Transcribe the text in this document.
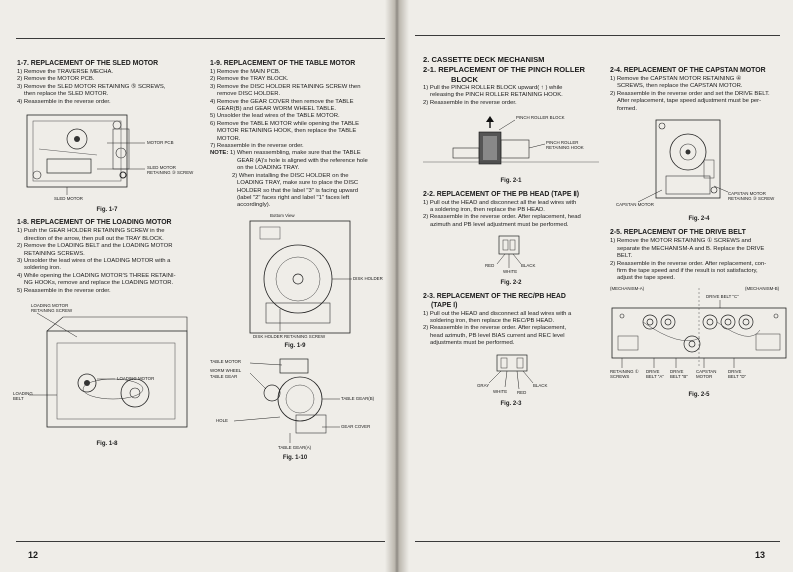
1-7. REPLACEMENT OF THE SLED MOTOR

1) Remove the TRAVERSE MECHA.

2) Remove the MOTOR PCB.

3) Remove the SLED MOTOR RETAINING ⑤ SCREWS,

then replace the SLED MOTOR.

4) Reassemble in the reverse order.

MOTOR PCB
SLED MOTOR
RETAINING ③ SCREW
SLED MOTOR
Fig. 1-7
1-8. REPLACEMENT OF THE LOADING MOTOR

1) Push the GEAR HOLDER RETAINING SCREW in the

direction of the arrow, then pull out the TRAY BLOCK.

2) Remove the LOADING BELT and the LOADING MOTOR

RETAINING SCREWS.

3) Unsolder the lead wires of the LOADING MOTOR with a

soldering iron.

4) While opening the LOADING MOTOR'S THREE RETAINI-

NG HOOKs, remove and replace the LOADING MOTOR.

5) Reassemble in the reverse order.

LOADING MOTOR
RETAINING SCREW
LOADING MOTOR
LOADING
BELT
Fig. 1-8
1-9. REPLACEMENT OF THE TABLE MOTOR

1) Remove the MAIN PCB.

2) Remove the TRAY BLOCK.

3) Remove the DISC HOLDER RETAINING SCREW then

remove DISC HOLDER.

4) Remove the GEAR COVER then remove the TABLE

GEAR(B) and GEAR WORM WHEEL TABLE.

5) Unsolder the lead wires of the TABLE MOTOR.

6) Remove the TABLE MOTOR while opening the TABLE

MOTOR RETAINING HOOK, then replace the TABLE

MOTOR.

7) Reassemble in the reverse order.

NOTE: 1) When reassembling, make sure that the TABLE

GEAR (A)'s hole is aligned with the reference hole

on the LOADING TRAY.

2) When installing the DISC HOLDER on the

LOADING TRAY, make sure to place the DISC

HOLDER so that the label "3" is facing upward

(label "2" faces right and label "1" faces left

accordingly).

Bottom View
DISK HOLDER
DISK HOLDER RETAINING SCREW
Fig. 1-9
TABLE MOTOR
WORM WHEEL
TABLE GEAR
TABLE GEAR(B)
HOLE
GEAR COVER
TABLE GEAR(A)
Fig. 1-10
12
2. CASSETTE DECK MECHANISM
2-1. REPLACEMENT OF THE PINCH ROLLER
BLOCK

1) Pull the PINCH ROLLER BLOCK upward( ↑ ) while

releasing the PINCH ROLLER RETAINING HOOK.

2) Reassemble in the reverse order.

PINCH ROLLER BLOCK
PINCH ROLLER
RETAINING HOOK
Fig. 2-1
2-2. REPLACEMENT OF THE PB HEAD (TAPE Ⅱ)

1) Pull out the HEAD and disconnect all the lead wires with

a soldering iron, then replace the PB HEAD.

2) Reassemble in the reverse order. After replacement, head

azimuth and PB level adjustment must be performed.

RED	BLACK
WHITE
Fig. 2-2
2-3. REPLACEMENT OF THE REC/PB HEAD
(TAPE Ⅰ)

1) Pull out the HEAD and disconnect all lead wires with a

soldering iron, then replace the REC/PB HEAD.

2) Reassemble in the reverse order. After replacement,

head azimuth, PB level BIAS current and REC level

adjustments must be performed.

GRAY	BLACK
WHITE RED
Fig. 2-3
2-4. REPLACEMENT OF THE CAPSTAN MOTOR

1) Remove the CAPSTAN MOTOR RETAINING ④

SCREWS, then replace the CAPSTAN MOTOR.

2) Reassemble in the reverse order and set the DRIVE BELT.

After replacement, tape speed adjustment must be per-

formed.

CAPSTAN MOTOR
CAPSTAN MOTOR
RETAINING ③ SCREW
Fig. 2-4
2-5. REPLACEMENT OF THE DRIVE BELT

1) Remove the MOTOR RETAINING ① SCREWS and

separate the MECHANISM-A and B. Replace the DRIVE

BELT.

2) Reassemble in the reverse order. After replacement, con-

firm the tape speed and if the result is not satisfactory,

adjust the tape speed.

(MECHANISM-A)	(MECHANISM-B)
DRIVE BELT "C"
RETAINING ①
SCREWS
DRIVE
BELT "A"
DRIVE
BELT "B"
CAPSTAN
MOTOR
DRIVE
BELT "D"
Fig. 2-5
13
